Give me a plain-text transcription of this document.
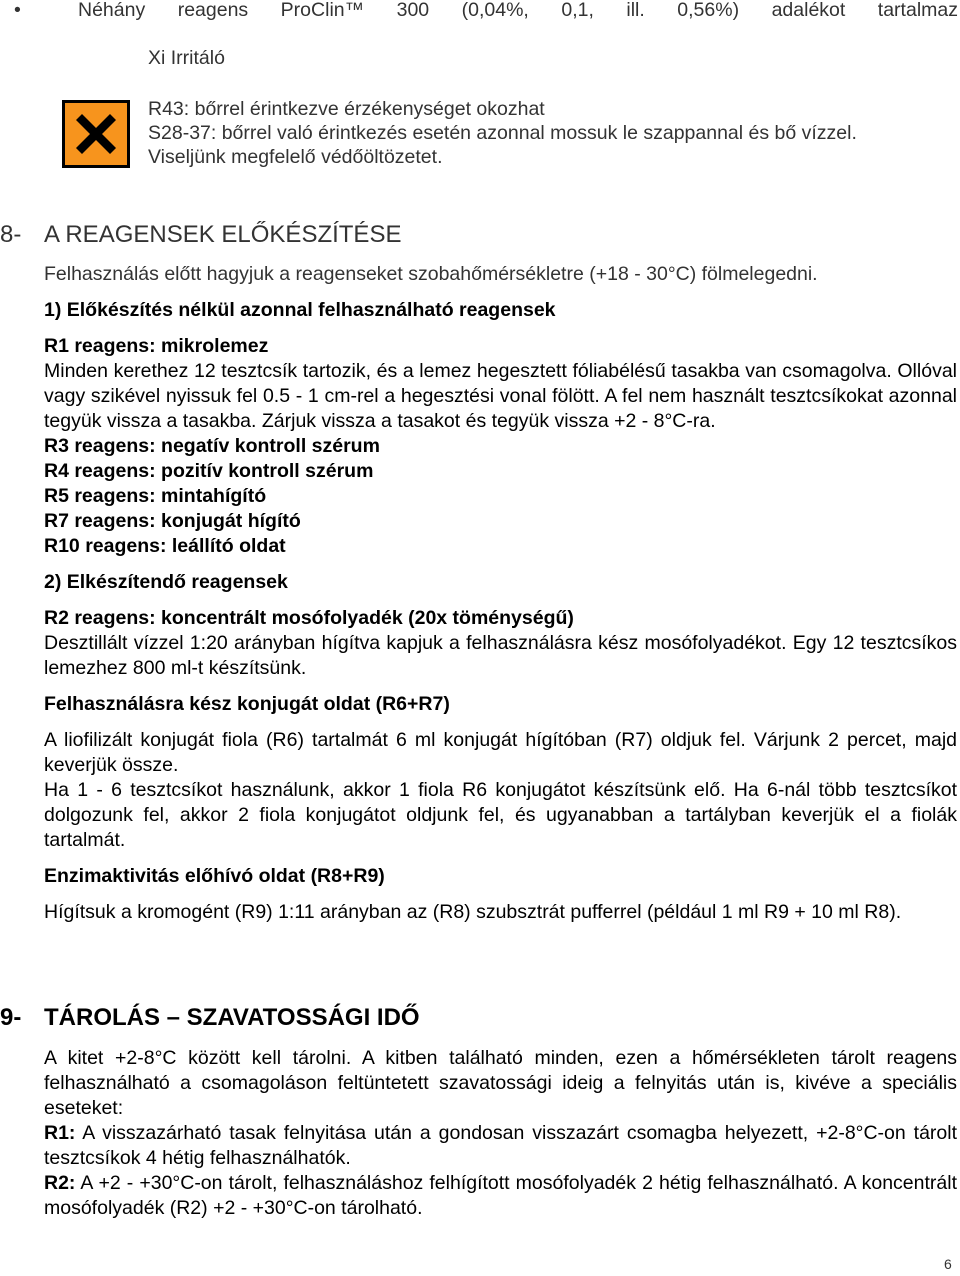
•	Néhány reagens ProClin™ 300 (0,04%, 0,1, ill. 0,56%) adalékot tartalmaz
Xi Irritáló
R43: bőrrel érintkezve érzékenységet okozhat
S28-37: bőrrel való érintkezés esetén azonnal mossuk le szappannal és bő vízzel.
Viseljünk megfelelő védőöltözetet.
8- A REAGENSEK ELŐKÉSZÍTÉSE

Felhasználás előtt hagyjuk a reagenseket szobahőmérsékletre (+18 - 30°C) fölmelegedni.

1) Előkészítés nélkül azonnal felhasználható reagensek

R1 reagens: mikrolemez

Minden kerethez 12 tesztcsík tartozik, és a lemez hegesztett fóliabélésű tasakba van csomagolva. Ollóval vagy szikével nyissuk fel 0.5 - 1 cm-rel a hegesztési vonal fölött. A fel nem használt tesztcsíkokat azonnal tegyük vissza a tasakba. Zárjuk vissza a tasakot és tegyük vissza +2 - 8°C-ra.

R3 reagens: negatív kontroll szérum

R4 reagens: pozitív kontroll szérum

R5 reagens: mintahígító

R7 reagens: konjugát hígító

R10 reagens: leállító oldat

2) Elkészítendő reagensek

R2 reagens: koncentrált mosófolyadék (20x töménységű)

Desztillált vízzel 1:20 arányban hígítva kapjuk a felhasználásra kész mosófolyadékot. Egy 12 tesztcsíkos lemezhez 800 ml-t készítsünk.

Felhasználásra kész konjugát oldat (R6+R7)

A liofilizált konjugát fiola (R6) tartalmát 6 ml konjugát hígítóban (R7) oldjuk fel. Várjunk 2 percet, majd keverjük össze.

Ha 1 - 6 tesztcsíkot használunk, akkor 1 fiola R6 konjugátot készítsünk elő. Ha 6-nál több tesztcsíkot dolgozunk fel, akkor 2 fiola konjugátot oldjunk fel, és ugyanabban a tartályban keverjük el a fiolák tartalmát.

Enzimaktivitás előhívó oldat (R8+R9)

Hígítsuk a kromogént (R9) 1:11 arányban az (R8) szubsztrát pufferrel (például 1 ml R9 + 10 ml R8).

9- TÁROLÁS – SZAVATOSSÁGI IDŐ

A kitet +2-8°C között kell tárolni. A kitben található minden, ezen a hőmérsékleten tárolt reagens felhasználható a csomagoláson feltüntetett szavatossági ideig a felnyitás után is, kivéve a speciális eseteket:

R1: A visszazárható tasak felnyitása után a gondosan visszazárt csomagba helyezett, +2-8°C-on tárolt tesztcsíkok 4 hétig felhasználhatók.

R2: A +2 - +30°C-on tárolt, felhasználáshoz felhígított mosófolyadék 2 hétig felhasználható. A koncentrált mosófolyadék (R2) +2 - +30°C-on tárolható.

6
